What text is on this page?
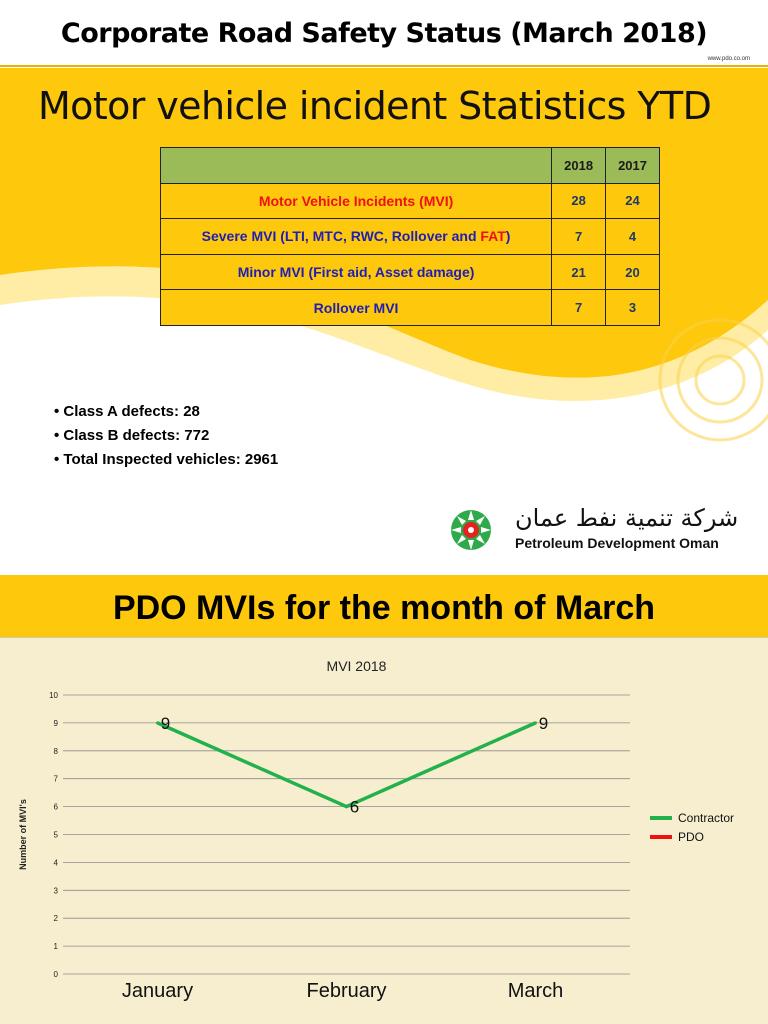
Corporate Road Safety Status (March 2018)
www.pdo.co.om
Motor vehicle incident Statistics YTD
	2018	2017
Motor Vehicle Incidents (MVI)	28	24
Severe MVI (LTI, MTC, RWC, Rollover and FAT)	7	4
Minor MVI (First aid, Asset damage)	21	20
Rollover MVI	7	3
• Class A defects: 28
• Class B defects: 772
• Total Inspected vehicles: 2961
شركة تنمية نفط عمان
Petroleum Development Oman
PDO MVIs for the month of March
MVI 2018
0
1
2
3
4
5
6
7
8
9
10
Number of MVI's
January	February	March
9
6
9
Contractor
PDO
